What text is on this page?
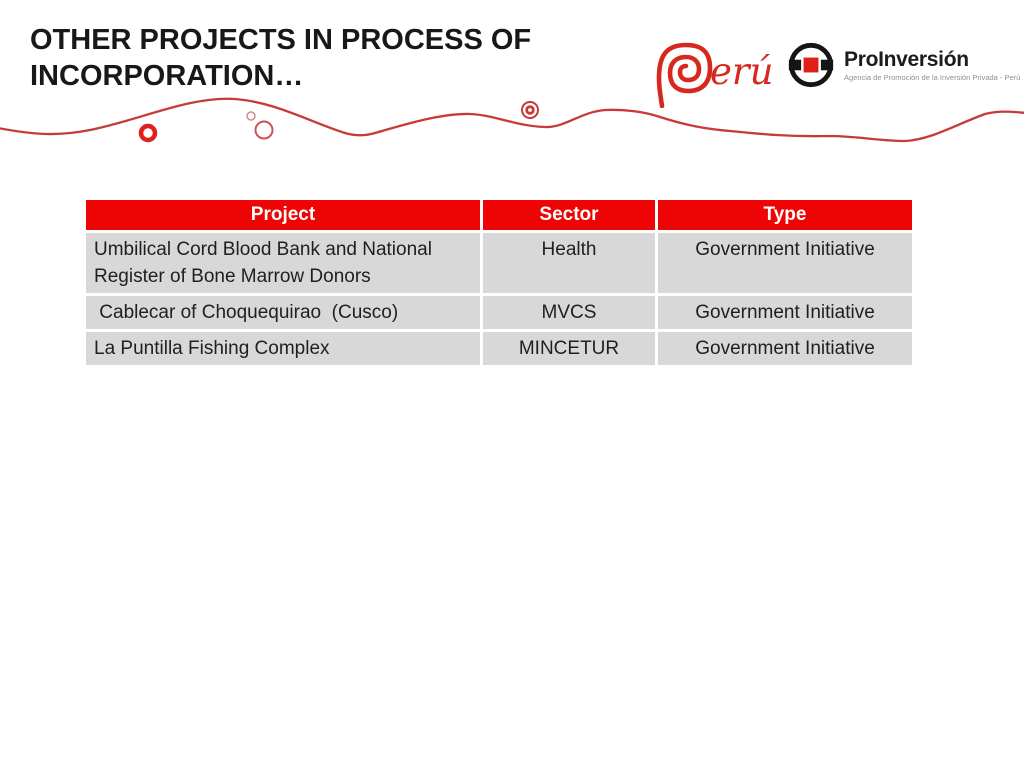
OTHER PROJECTS IN PROCESS OF
INCORPORATION…	erú	ProInversión
Agencia de Promoción de la Inversión Privada - Perú
Project	Sector	Type
Umbilical Cord Blood Bank and National Register of Bone Marrow Donors	Health	Government Initiative
Cablecar of Choquequirao  (Cusco)	MVCS	Government Initiative
La Puntilla Fishing Complex	MINCETUR	Government Initiative
